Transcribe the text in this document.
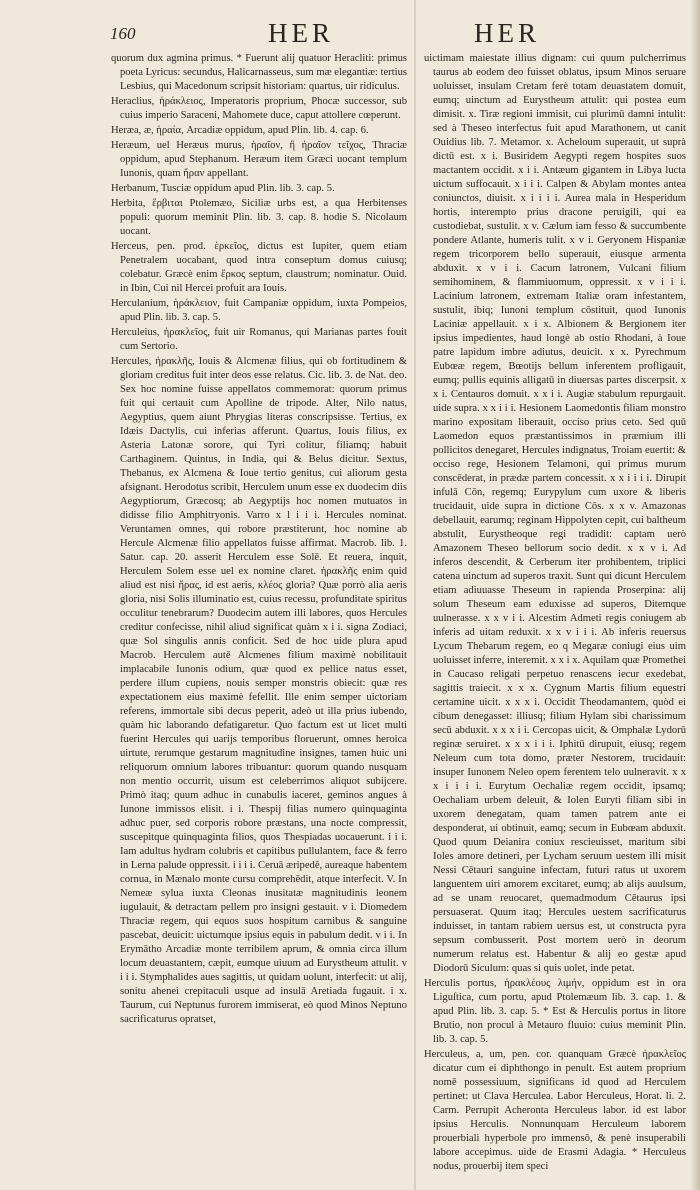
160	HER	HER

quorum dux agmina primus. * Fuerunt alij quatuor Heracliti: primus poeta Lyricus: secundus, Halicarnasseus, sum mæ elegantiæ: tertius Lesbius, qui Macedonum scripsit historiam: quartus, uir ridiculus.

Heraclius, ἡράκλειος, Imperatoris proprium, Phocæ successor, sub cuius imperio Saraceni, Mahomete duce, caput attollere cœperunt.

Heræa, æ, ἡραία, Arcadiæ oppidum, apud Plin. lib. 4. cap. 6.

Heræum, uel Heræus murus, ἡραῖον, ἢ ἡραῖον τεῖχος, Thraciæ oppidum, apud Stephanum. Heræum item Græci uocant templum Iunonis, quam ἥραν appellant.

Herbanum, Tusciæ oppidum apud Plin. lib. 3. cap. 5.

Herbita, ἕρβιται Ptolemæo, Siciliæ urbs est, a qua Herbitenses populi: quorum meminit Plin. lib. 3. cap. 8. hodie S. Nicolaum uocant.

Herceus, pen. prod. ἑρκεῖος, dictus est Iupiter, quem etiam Penetralem uocabant, quod intra conseptum domus cuiusq; colebatur. Græcè enim ἕρκος septum, claustrum; nominatur. Ouid. in Ibin, Cui nil Hercei profuit ara Iouis.

Herculanium, ἡράκλειον, fuit Campaniæ oppidum, iuxta Pompeios, apud Plin. lib. 3. cap. 5.

Herculeius, ἡρακλεῖος, fuit uir Romanus, qui Marianas partes fouit cum Sertorio.

Hercules, ἡρακλῆς, Iouis & Alcmenæ filius, qui ob fortitudinem & gloriam creditus fuit inter deos esse relatus. Cic. lib. 3. de Nat. deo. Sex hoc nomine fuisse appellatos commemorat: quorum primus fuit qui certauit cum Apolline de tripode. Alter, Nilo natus, Aegyptius, quem aiunt Phrygias literas conscripsisse. Tertius, ex Idæis Dactylis, cui inferias afferunt. Quartus, Iouis filius, ex Asteria Latonæ sorore, qui Tyri colitur, filiamq; habuit Carthaginem. Quintus, in India, qui & Belus dicitur. Sextus, Thebanus, ex Alcmena & Ioue tertio genitus, cui aliorum gesta afsignant. Herodotus scribit, Herculem unum esse ex duodecim diis Aegyptiorum, Græcosq; ab Aegyptijs hoc nomen mutuatos in didisse filio Amphitryonis. Varro x l i i i. Hercules nominat. Veruntamen omnes, qui robore præstiterunt, hoc nomine ab Hercule Alcmenæ filio appellatos fuisse affirmat. Macrob. lib. 1. Satur. cap. 20. asserit Herculem esse Solē. Et reuera, inquit, Herculem Solem esse uel ex nomine claret. ἡρακλῆς enim quid aliud est nisi ἥρας, id est aeris, κλέος gloria? Quæ porrò alia aeris gloria, nisi Solis illuminatio est, cuius recessu, profunditate spiritus occulitur tenebrarum? Duodecim autem illi labores, quos Hercules creditur confecisse, nihil aliud significat quàm x i i. signa Zodiaci, quæ Sol singulis annis conficit. Sed de hoc uide plura apud Macrob. Herculem autē Alcmenes filium maximè nobilitauit implacabile Iunonis odium, quæ quod ex pellice natus esset, perdere illum cupiens, nouis semper monstris obiecit: quæ res expectationem eius maximè fefellit. Ille enim semper uictoriam referens, immortale sibi decus peperit, adeò ut illa prius iubendo, quàm hic laborando defatigaretur. Quo factum est ut licet multi fuerint Hercules qui uarijs temporibus floruerunt, omnes heroica uirtute, rerumque gestarum magnitudine insignes, tamen huic uni reliquorum omnium labores tribuantur: quorum quando nusquam non mentio occurrit, uisum est celeberrimos aliquot subijcere. Primò itaq; quum adhuc in cunabulis iaceret, geminos angues à Iunone immissos elisit. i i. Thespij filias numero quinquaginta adhuc puer, sed corporis robore præstans, una nocte compressit, suscepitque quinquaginta filios, quos Thespiadas uocauerunt. i i i. Iam adultus hydram colubris et capitibus pullulantem, face & ferro in Lerna palude oppressit. i i i i. Ceruā æripedē, aureaque habentem cornua, in Mænalo monte cursu comprehēdit, atque interfecit. V. In Nemeæ sylua iuxta Cleonas inusitatæ magnitudinis leonem iugulauit, & detractam pellem pro insigni gestauit. v i. Diomedem Thraciæ regem, qui equos suos hospitum carnibus & sanguine pascebat, deuicit: uictumque ipsius equis in pabulum dedit. v i i. In Erymātho Arcadiæ monte terribilem aprum, & omnia circa illum locum deuastantem, cæpit, eumque uiuum ad Eurystheum attulit. v i i i. Stymphalides aues sagittis, ut quidam uolunt, interfecit: ut alij, sonitu aheneì crepitaculi usque ad insulā Aretiada fugauit. i x. Taurum, cui Neptunus furorem immiserat, eò quod Minos Neptuno sacrificaturus opratset,

uictimam maiestate illius dignam: cui quum pulcherrimus taurus ab eodem deo fuisset oblatus, ipsum Minos seruare uoluisset, insulam Cretam ferè totam deuastatem domuit, eumq; uinctum ad Eurystheum attulit: qui postea eum dimisit. x. Tiræ regioni immisit, cui plurimū damni intulit: sed à Theseo interfectus fuit apud Marathonem, ut canit Ouidius lib. 7. Metamor. x. Acheloum superauit, ut suprà dictū est. x i. Busiridem Aegypti regem hospites suos mactantem occidit. x i i. Antæum gigantem in Libya lucta uictum suffocauit. x i i i. Calpen & Abylam montes antea coniunctos, diuisit. x i i i i. Aurea mala in Hesperidum hortis, interempto prius dracone peruigili, qui ea custodiebat, sustulit. x v. Cælum iam fesso & succumbente pondere Atlante, humeris tulit. x v i. Geryonem Hispaniæ regem tricorporem bello superauit, eiusque armenta abduxit. x v i i. Cacum latronem, Vulcani filium semihominem, & flammiuomum, oppressit. x v i i i. Lacinium latronem, extremam Italiæ oram infestantem, sustulit, ibiq; Iunoni templum cōstituit, quod Iunonis Laciniæ appellauit. x i x. Albionem & Bergionem iter ipsius impedientes, haud longè ab ostio Rhodani, à Ioue patre lapidum imbre adiutus, deuicit. x x. Pyrechmum Eubœæ regem, Bœotijs bellum inferentem profligauit, eumq; pullis equinis alligatū in diuersas partes discerpsit. x x i. Centauros domuit. x x i i. Augiæ stabulum repurgauit. uide supra. x x i i i. Hesionem Laomedontis filiam monstro marino expositam liberauit, occiso prius ceto. Sed quū Laomedon equos præstantissimos in præmium illi pollicitos denegaret, Hercules indignatus, Troiam euertit: & occiso rege, Hesionem Telamoni, qui primus murum conscēderat, in prædæ partem concessit. x x i i i i. Dirupit infulā Cōn, regemq; Eurypylum cum uxore & liberis trucidauit, uide supra in dictione Cōs. x x v. Amazonas debellauit, earumq; reginam Hippolyten cepit, cui baltheum abstulit, Eurystheoque regi tradidit: captam uerò Amazonem Theseo bellorum socio dedit. x x v i. Ad inferos descendit, & Cerberum iter prohibentem, triplici catena uinctum ad superos traxit. Sunt qui dicunt Herculem etiam adiuuasse Theseum in rapienda Proserpina: alij solum Theseum eam eduxisse ad superos, Ditemque uulnerasse. x x v i i. Alcestim Admeti regis coniugem ab inferis ad uitam reduxit. x x v i i i. Ab inferis reuersus Lycum Thebarum regem, eo q Megaræ coniugi eius uim uoluisset inferre, interemit. x x i x. Aquilam quæ Promethei in Caucaso religati perpetuo renascens iecur exedebat, sagittis traiecit. x x x. Cygnum Martis filium equestri certamine uicit. x x x i. Occidit Theodamantem, quòd ei cibum denegasset: illiusq; filium Hylam sibi charissimum secū abduxit. x x x i i. Cercopas uicit, & Omphalæ Lydorū reginæ seruiret. x x x i i i. Iphitū dirupuit, eiusq; regem Neleum cum tota domo, præter Nestorem, trucidauit: insuper Iunonem Neleo opem ferentem telo uulneravit. x x x i i i i. Eurytum Oechaliæ regem occidit, ipsamq; Oechaliam urbem deleuit, & Iolen Euryti filiam sibi in uxorem denegatam, quam tamen patrem ante ei desponderat, ui obtinuit, eamq; secum in Eubœam abduxit. Quod quum Deianira coniux rescieuisset, maritum sibi Ioles amore detineri, per Lycham seruum uestem illi misit Nessi Cētauri sanguine infectam, futuri ratus ut uxorem languentem uiri amorem excitaret, eumq; ab alijs auulsum, ad se unam reuocaret, quemadmodum Cētaurus ipsi persuaserat. Quum itaq; Hercules uestem sacrificaturus induisset, in tantam rabiem uersus est, ut constructa pyra sepsum combusserit. Post mortem uerò in deorum numerum relatus est. Habentur & alij eo gestæ apud Diodorū Siculum: quas si quis uolet, inde petat.

Herculis portus, ἡρακλέους λιμήν, oppidum est in ora Liguſtica, cum portu, apud Ptolemæum lib. 3. cap. 1. & apud Plin. lib. 3. cap. 5. * Est & Herculis portus in litore Brutio, non procul à Metauro fluuio: cuius meminit Plin. lib. 3. cap. 5.

Herculeus, a, um, pen. cor. quanquam Græcè ἡρακλεῖος dicatur cum ei diphthongo in penult. Est autem proprium nomē possessiuum, significans id quod ad Herculem pertinet: ut Clava Herculea. Labor Herculeus, Horat. li. 2. Carm. Perrupit Acheronta Herculeus labor. id est labor ipsius Herculis. Nonnunquam Herculeum laborem prouerbiali hyperbole pro immensō, & penè insuperabili labore accepimus. uide de Erasmi Adagia. * Herculeus nodus, prouerbij item speci
